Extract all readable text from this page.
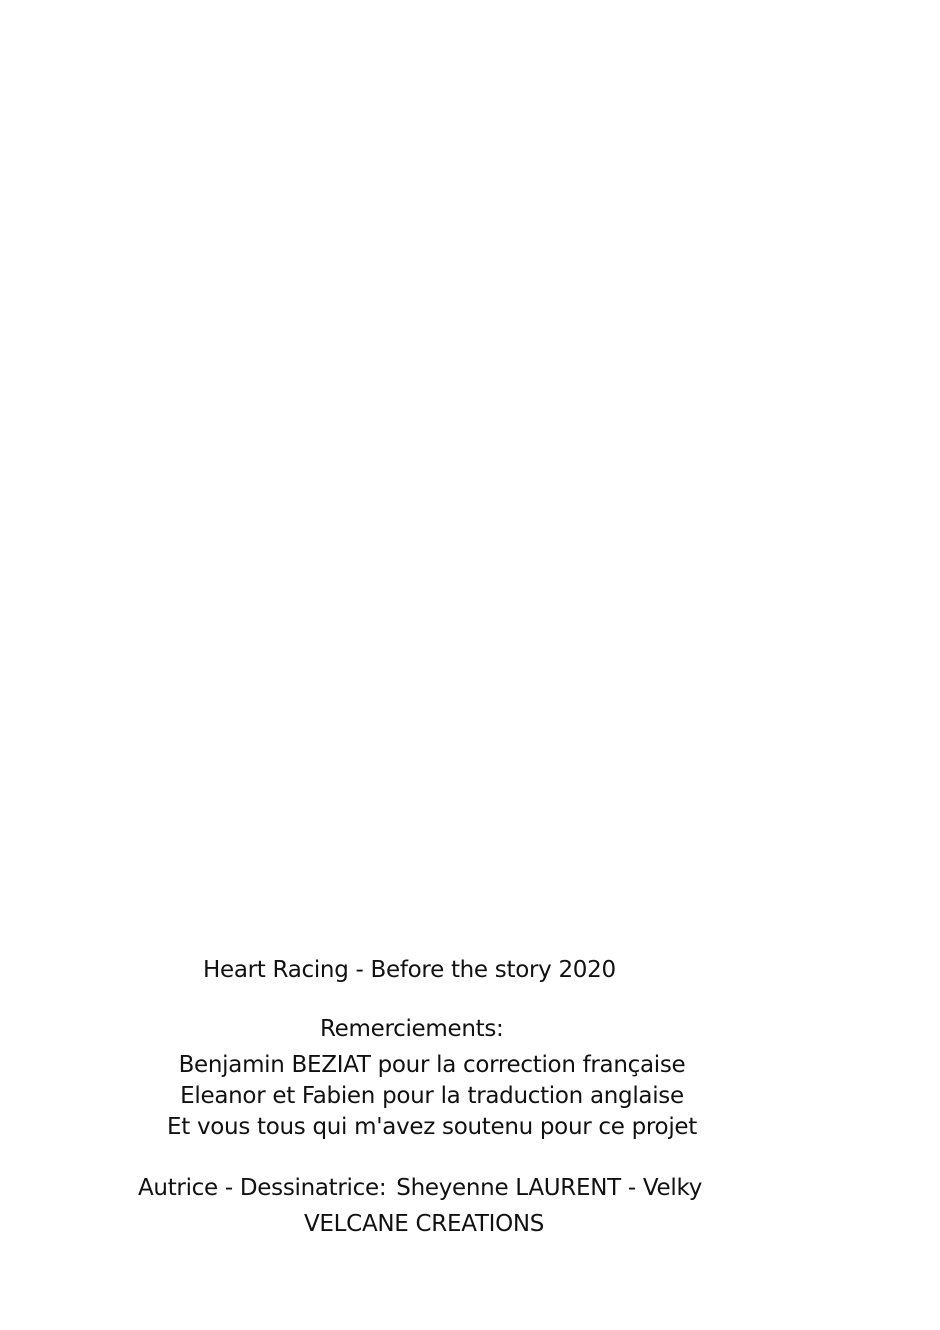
Heart Racing - Before the story 2020
Remerciements:
Benjamin BEZIAT pour la correction française
Eleanor et Fabien pour la traduction anglaise
Et vous tous qui m'avez soutenu pour ce projet
Autrice - Dessinatrice: Sheyenne LAURENT - Velky
VELCANE CREATIONS
